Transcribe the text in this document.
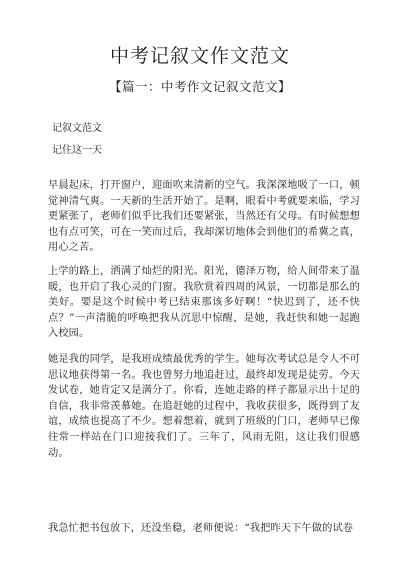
中考记叙文作文范文
【篇一：中考作文记叙文范文】
记叙文范文
记住这一天

早晨起床，打开窗户，迎面吹来清新的空气。我深深地吸了一口，顿觉神清气爽。一天新的生活开始了。是啊，眼看中考就要来临，学习更紧张了，老师们似乎比我们还要紧张，当然还有父母。有时候想想也有点可笑，可在一笑而过后，我却深切地体会到他们的希冀之真，用心之苦。

上学的路上，洒满了灿烂的阳光。阳光，德泽万物，给人间带来了温暖，也开启了我心灵的门窗。我欣赏着四周的风景，一切都是那么的美好。要是这个时候中考已结束那该多好啊！“快迟到了，还不快点？”一声清脆的呼唤把我从沉思中惊醒，是她，我赶快和她一起跑入校园。

她是我的同学，是我班成绩最优秀的学生。她每次考试总是令人不可思议地获得第一名。我也曾努力地追赶过，最终却发现是徒劳。今天发试卷，她肯定又是满分了。你看，连她走路的样子都显示出十足的自信，我非常羡慕她。在追赶她的过程中，我收获很多，既得到了友谊，成绩也提高了不少。想着想着，就到了班级的门口，老师早已像往常一样站在门口迎接我们了。三年了，风雨无阻，这让我们很感动。

我急忙把书包放下，还没坐稳，老师便说：“我把昨天下午做的试卷
